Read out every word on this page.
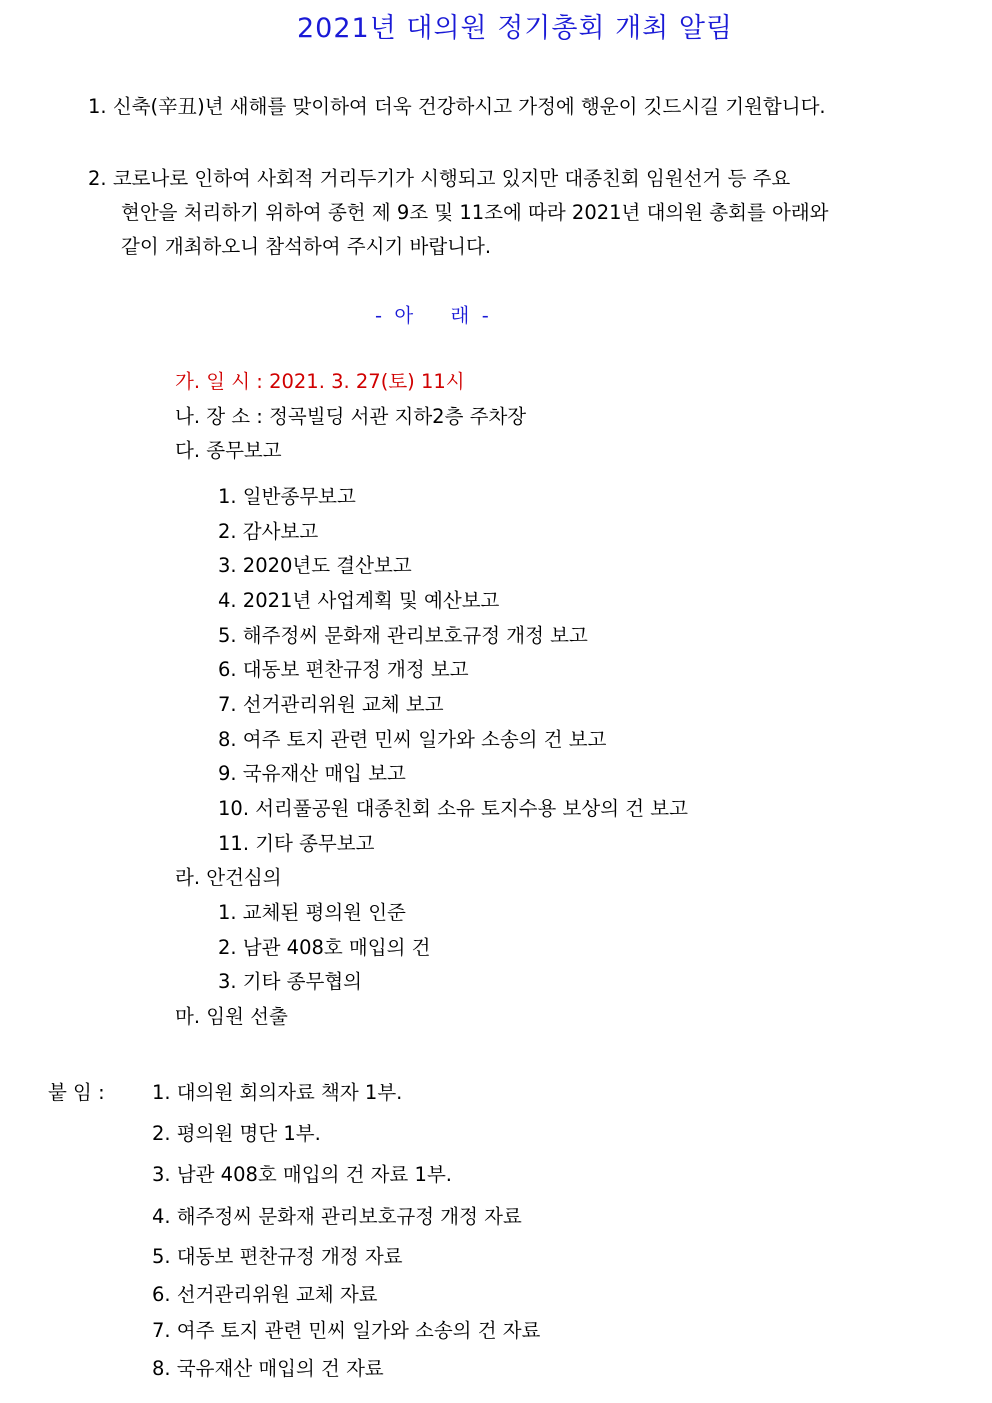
2021년 대의원 정기총회 개최 알림
1. 신축(辛丑)년 새해를 맞이하여 더욱 건강하시고 가정에 행운이 깃드시길 기원합니다.
2. 코로나로 인하여 사회적 거리두기가 시행되고 있지만 대종친회 임원선거 등 주요
현안을 처리하기 위하여 종헌 제 9조 및 11조에 따라 2021년 대의원 총회를 아래와
같이 개최하오니 참석하여 주시기 바랍니다.
-  아      래  -
가. 일 시 : 2021. 3. 27(토) 11시
나. 장 소 : 정곡빌딩 서관 지하2층 주차장
다. 종무보고
1. 일반종무보고
2. 감사보고
3. 2020년도 결산보고
4. 2021년 사업계획 및 예산보고
5. 해주정씨 문화재 관리보호규정 개정 보고
6. 대동보 편찬규정 개정 보고
7. 선거관리위원 교체 보고
8. 여주 토지 관련 민씨 일가와 소송의 건 보고
9. 국유재산 매입 보고
10. 서리풀공원 대종친회 소유 토지수용 보상의 건 보고
11. 기타 종무보고
라. 안건심의
1. 교체된 평의원 인준
2. 남관 408호 매입의 건
3. 기타 종무협의
마. 임원 선출
붙 임 : 1. 대의원 회의자료 책자 1부.
2. 평의원 명단 1부.
3. 남관 408호 매입의 건 자료 1부.
4. 해주정씨 문화재 관리보호규정 개정 자료
5. 대동보 편찬규정 개정 자료
6. 선거관리위원 교체 자료
7. 여주 토지 관련 민씨 일가와 소송의 건 자료
8. 국유재산 매입의 건 자료
